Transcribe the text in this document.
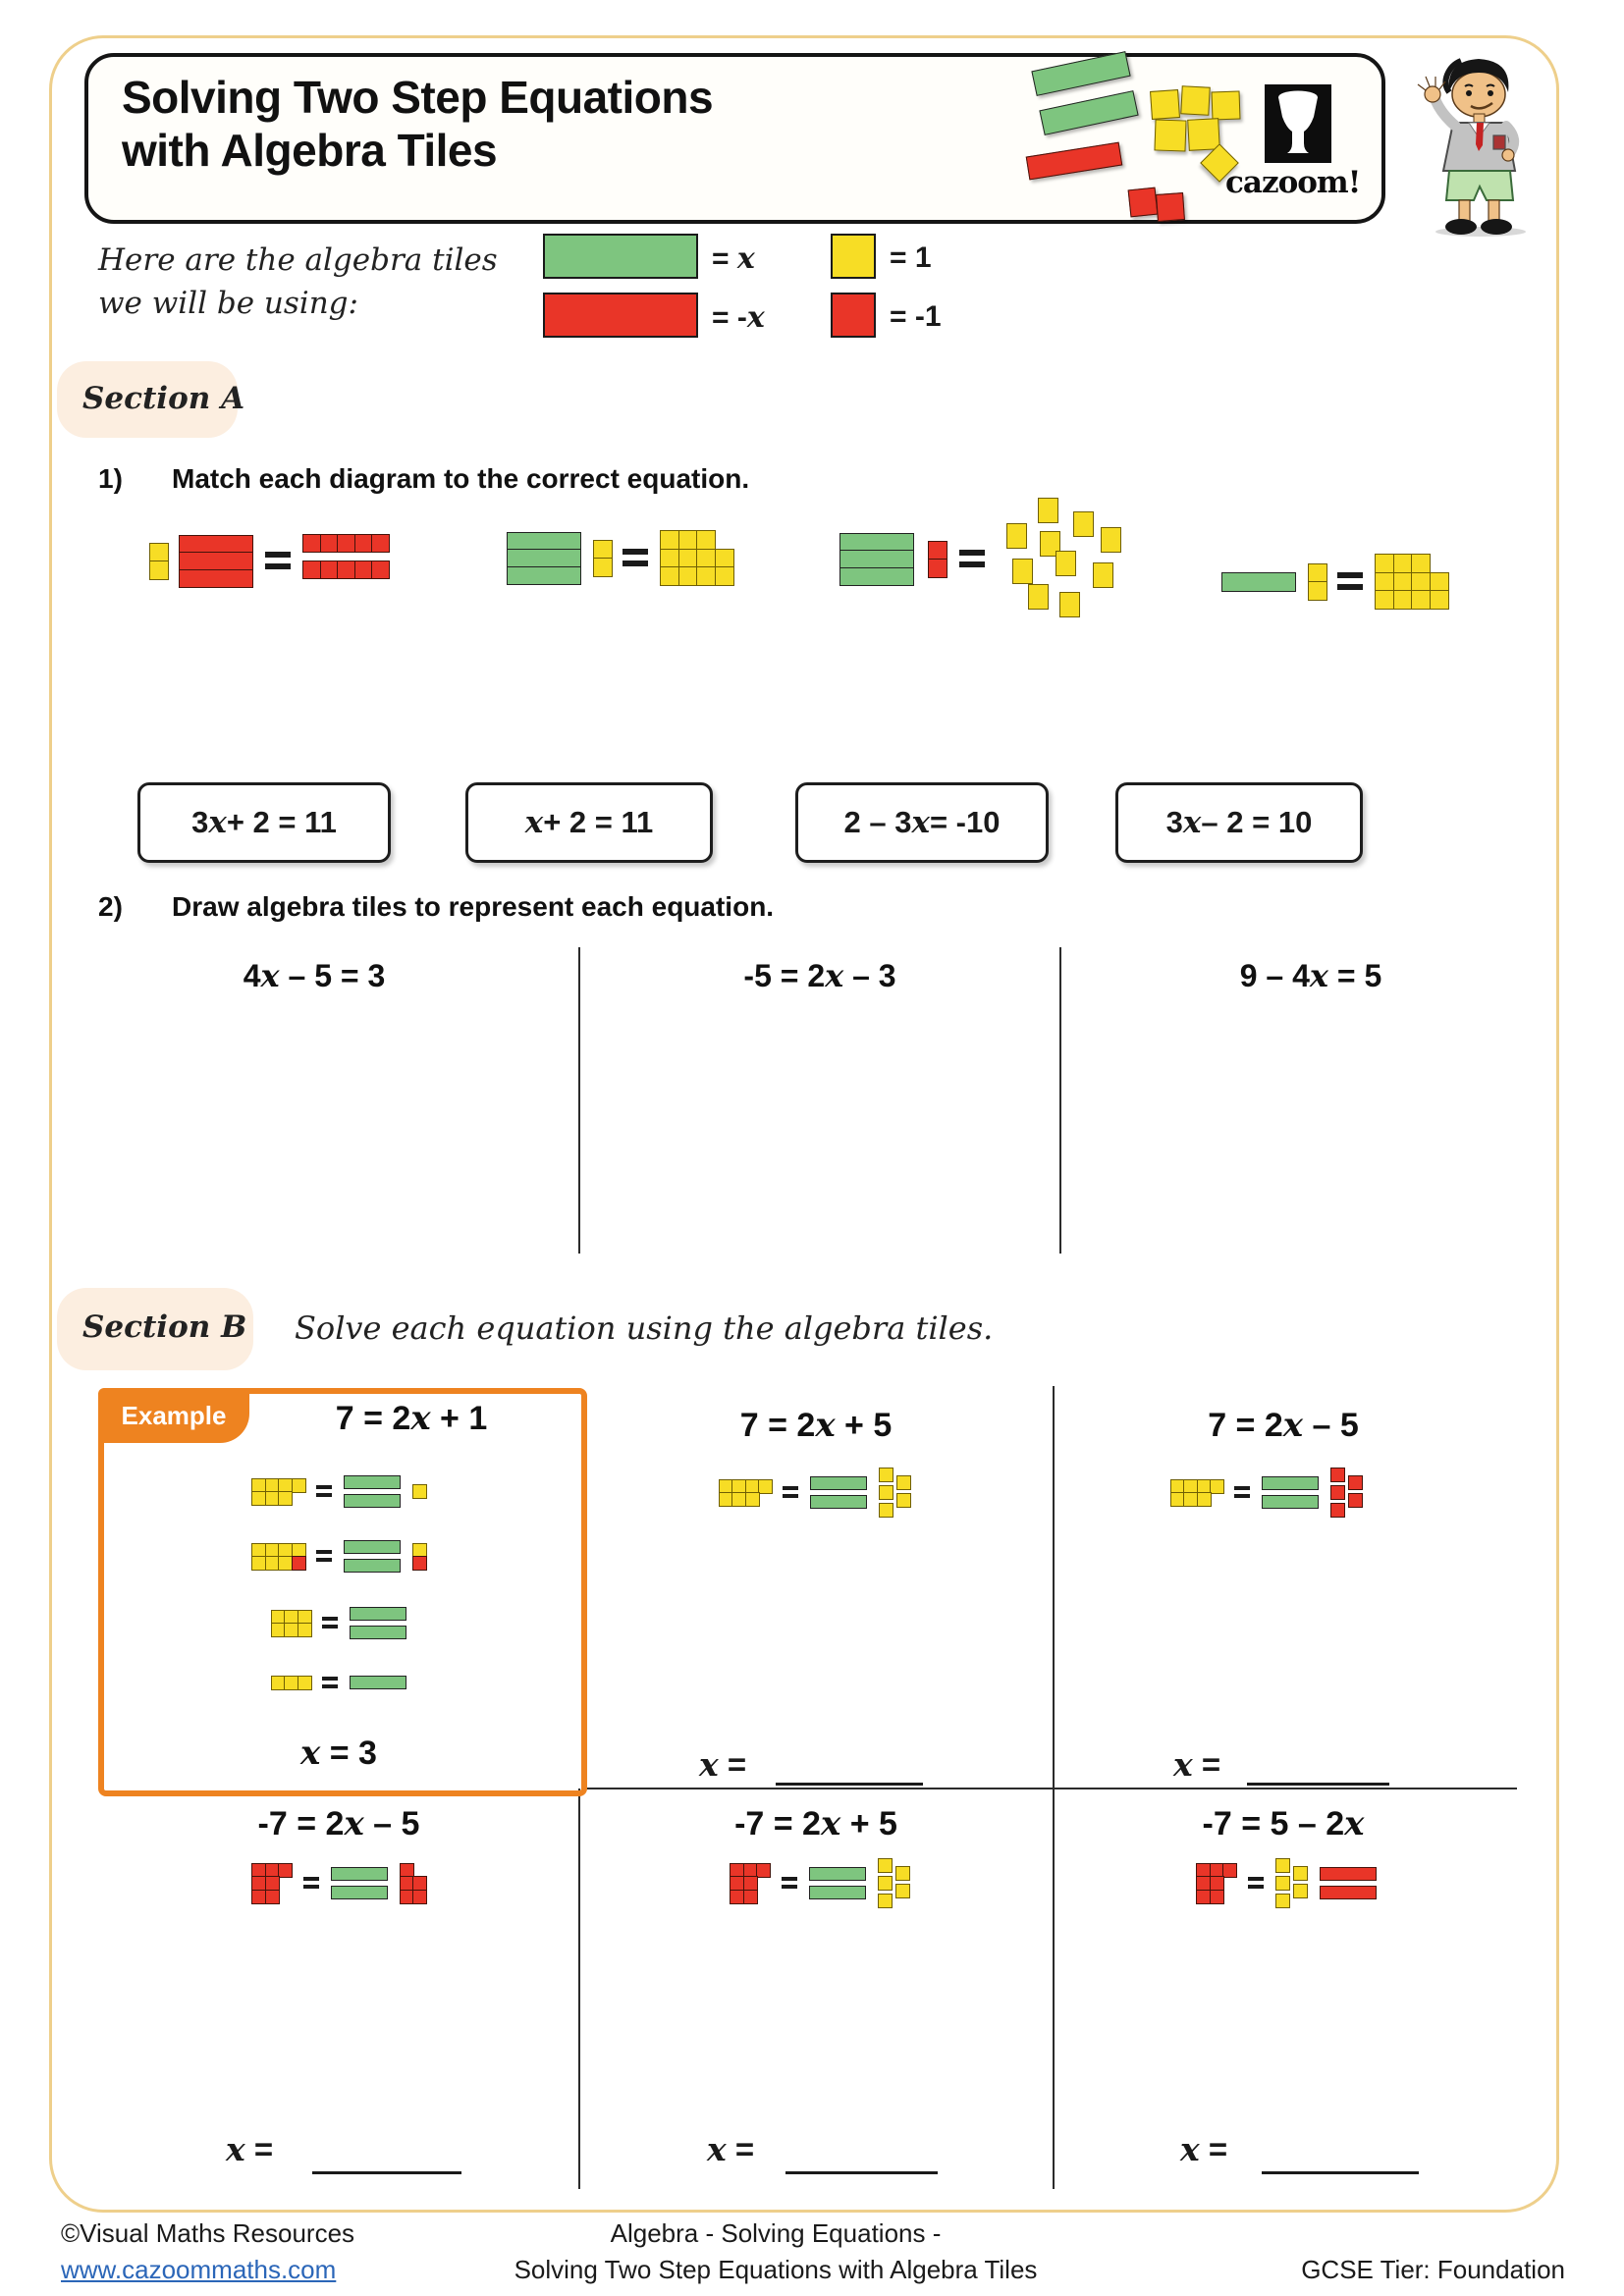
Solving Two Step Equations
with Algebra Tiles
cazoom!
Here are the algebra tiles
we will be using:
= x	= 1
= -x	= -1
Section A
1) Match each diagram to the correct equation.
3 x + 2 = 11	x + 2 = 11	2 – 3 x = -10	3 x – 2 = 10
2) Draw algebra tiles to represent each equation.
4x – 5 = 3	-5 = 2x – 3	9 – 4x = 5
Section B Solve each equation using the algebra tiles.
Example	7 = 2x + 1	7 = 2x + 5	7 = 2x – 5
x = 3	x =	x =
-7 = 2x – 5	-7 = 2x + 5	-7 = 5 – 2x
x =	x =	x =
©Visual Maths Resources
www.cazoommaths.com
Algebra - Solving Equations -
Solving Two Step Equations with Algebra Tiles	GCSE Tier: Foundation
